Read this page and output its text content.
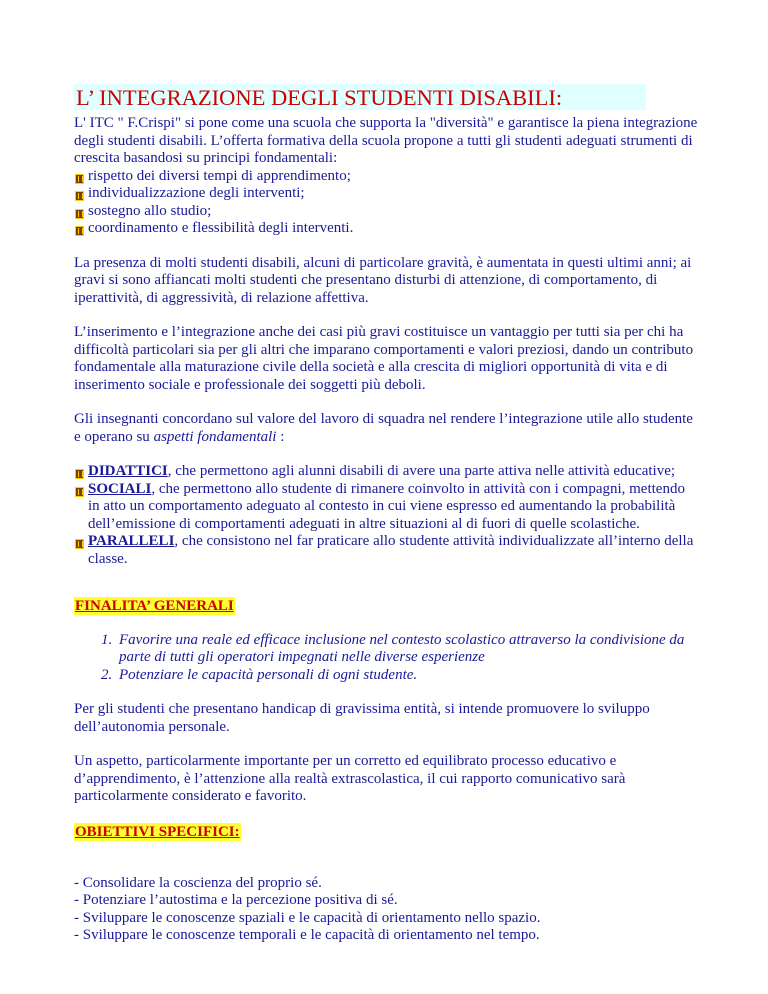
L’ INTEGRAZIONE DEGLI STUDENTI DISABILI:

L' ITC " F.Crispi" si pone come una scuola che supporta la "diversità" e garantisce la piena integrazione degli studenti disabili. L’offerta formativa della scuola propone a tutti gli studenti adeguati strumenti di crescita basandosi su principi fondamentali:

rispetto dei diversi tempi di apprendimento;
individualizzazione degli interventi;
sostegno allo studio;
coordinamento e flessibilità degli interventi.

La presenza di molti studenti disabili, alcuni di particolare gravità, è aumentata in questi ultimi anni; ai gravi si sono affiancati molti studenti che presentano disturbi di attenzione, di comportamento, di iperattività, di aggressività, di relazione affettiva.

L’inserimento e l’integrazione anche dei casi più gravi costituisce un vantaggio per tutti sia per chi ha difficoltà particolari sia per gli altri che imparano comportamenti e valori preziosi, dando un contributo fondamentale alla maturazione civile della società e alla crescita di migliori opportunità di vita e di inserimento sociale e professionale dei soggetti più deboli.

Gli insegnanti concordano sul valore del lavoro di squadra nel rendere l’integrazione utile allo studente e operano su aspetti fondamentali :

DIDATTICI, che permettono agli alunni disabili di avere una parte attiva nelle attività educative;
SOCIALI, che permettono allo studente di rimanere coinvolto in attività con i compagni, mettendo in atto un comportamento adeguato al contesto in cui viene espresso ed aumentando la probabilità dell’emissione di comportamenti adeguati in altre situazioni al di fuori di quelle scolastiche.
PARALLELI, che consistono nel far praticare allo studente attività individualizzate all’interno della classe.
FINALITA’ GENERALI
1. Favorire una reale ed efficace inclusione nel contesto scolastico attraverso la condivisione da parte di tutti gli operatori impegnati nelle diverse esperienze
2. Potenziare le capacità personali di ogni studente.

Per gli studenti che presentano handicap di gravissima entità, si intende promuovere lo sviluppo dell’autonomia personale.

Un aspetto, particolarmente importante per un corretto ed equilibrato processo educativo e d’apprendimento, è l’attenzione alla realtà extrascolastica, il cui rapporto comunicativo sarà particolarmente considerato e favorito.

OBIETTIVI SPECIFICI:
- Consolidare la coscienza del proprio sé.
- Potenziare l’autostima e la percezione positiva di sé.
- Sviluppare le conoscenze spaziali e le capacità di orientamento nello spazio.
- Sviluppare le conoscenze temporali e le capacità di orientamento nel tempo.
